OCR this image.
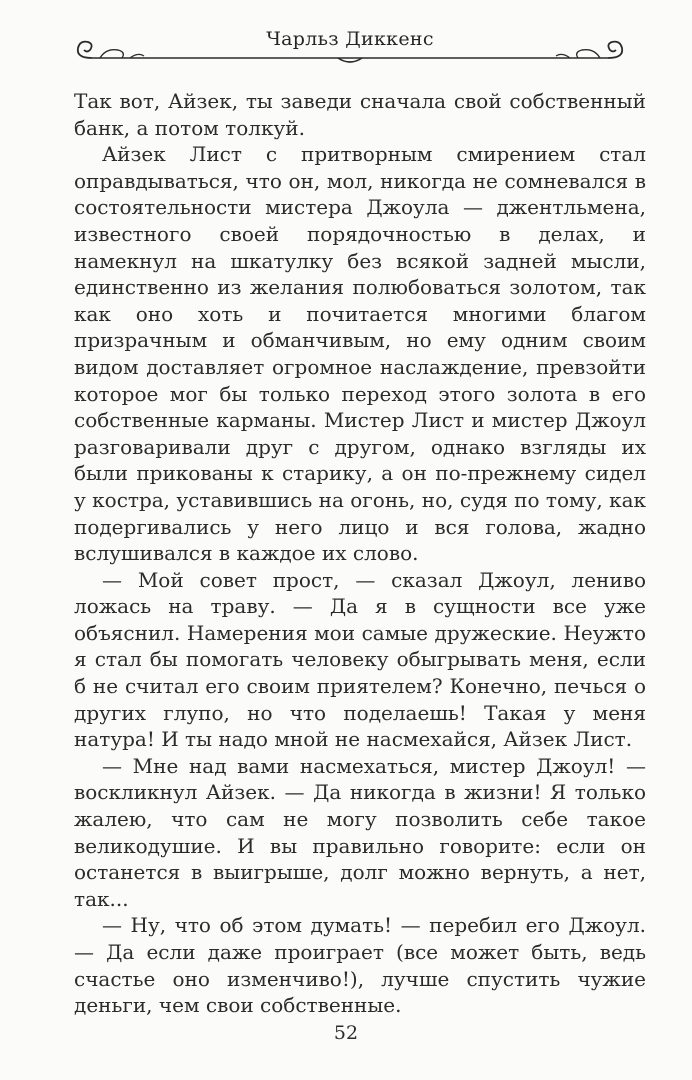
Чарльз Диккенс

Так вот, Айзек, ты заведи сначала свой собственный банк, а потом толкуй.

Айзек Лист с притворным смирением стал оправдываться, что он, мол, никогда не сомневался в состоятельности мистера Джоула — джентльмена, известного своей порядочностью в делах, и намекнул на шкатулку без всякой задней мысли, единственно из желания полюбоваться золотом, так как оно хоть и почитается многими благом призрачным и обманчивым, но ему одним своим видом доставляет огромное наслаждение, превзойти которое мог бы только переход этого золота в его собственные карманы. Мистер Лист и мистер Джоул разговаривали друг с другом, однако взгляды их были прикованы к старику, а он по-прежнему сидел у костра, уставившись на огонь, но, судя по тому, как подергивались у него лицо и вся голова, жадно вслушивался в каждое их слово.

— Мой совет прост, — сказал Джоул, лениво ложась на траву. — Да я в сущности все уже объяснил. Намерения мои самые дружеские. Неужто я стал бы помогать человеку обыгрывать меня, если б не считал его своим приятелем? Конечно, печься о других глупо, но что поделаешь! Такая у меня натура! И ты надо мной не насмехайся, Айзек Лист.

— Мне над вами насмехаться, мистер Джоул! — воскликнул Айзек. — Да никогда в жизни! Я только жалею, что сам не могу позволить себе такое великодушие. И вы правильно говорите: если он останется в выигрыше, долг можно вернуть, а нет, так...

— Ну, что об этом думать! — перебил его Джоул. — Да если даже проиграет (все может быть, ведь счастье оно изменчиво!), лучше спустить чужие деньги, чем свои собственные.

52
